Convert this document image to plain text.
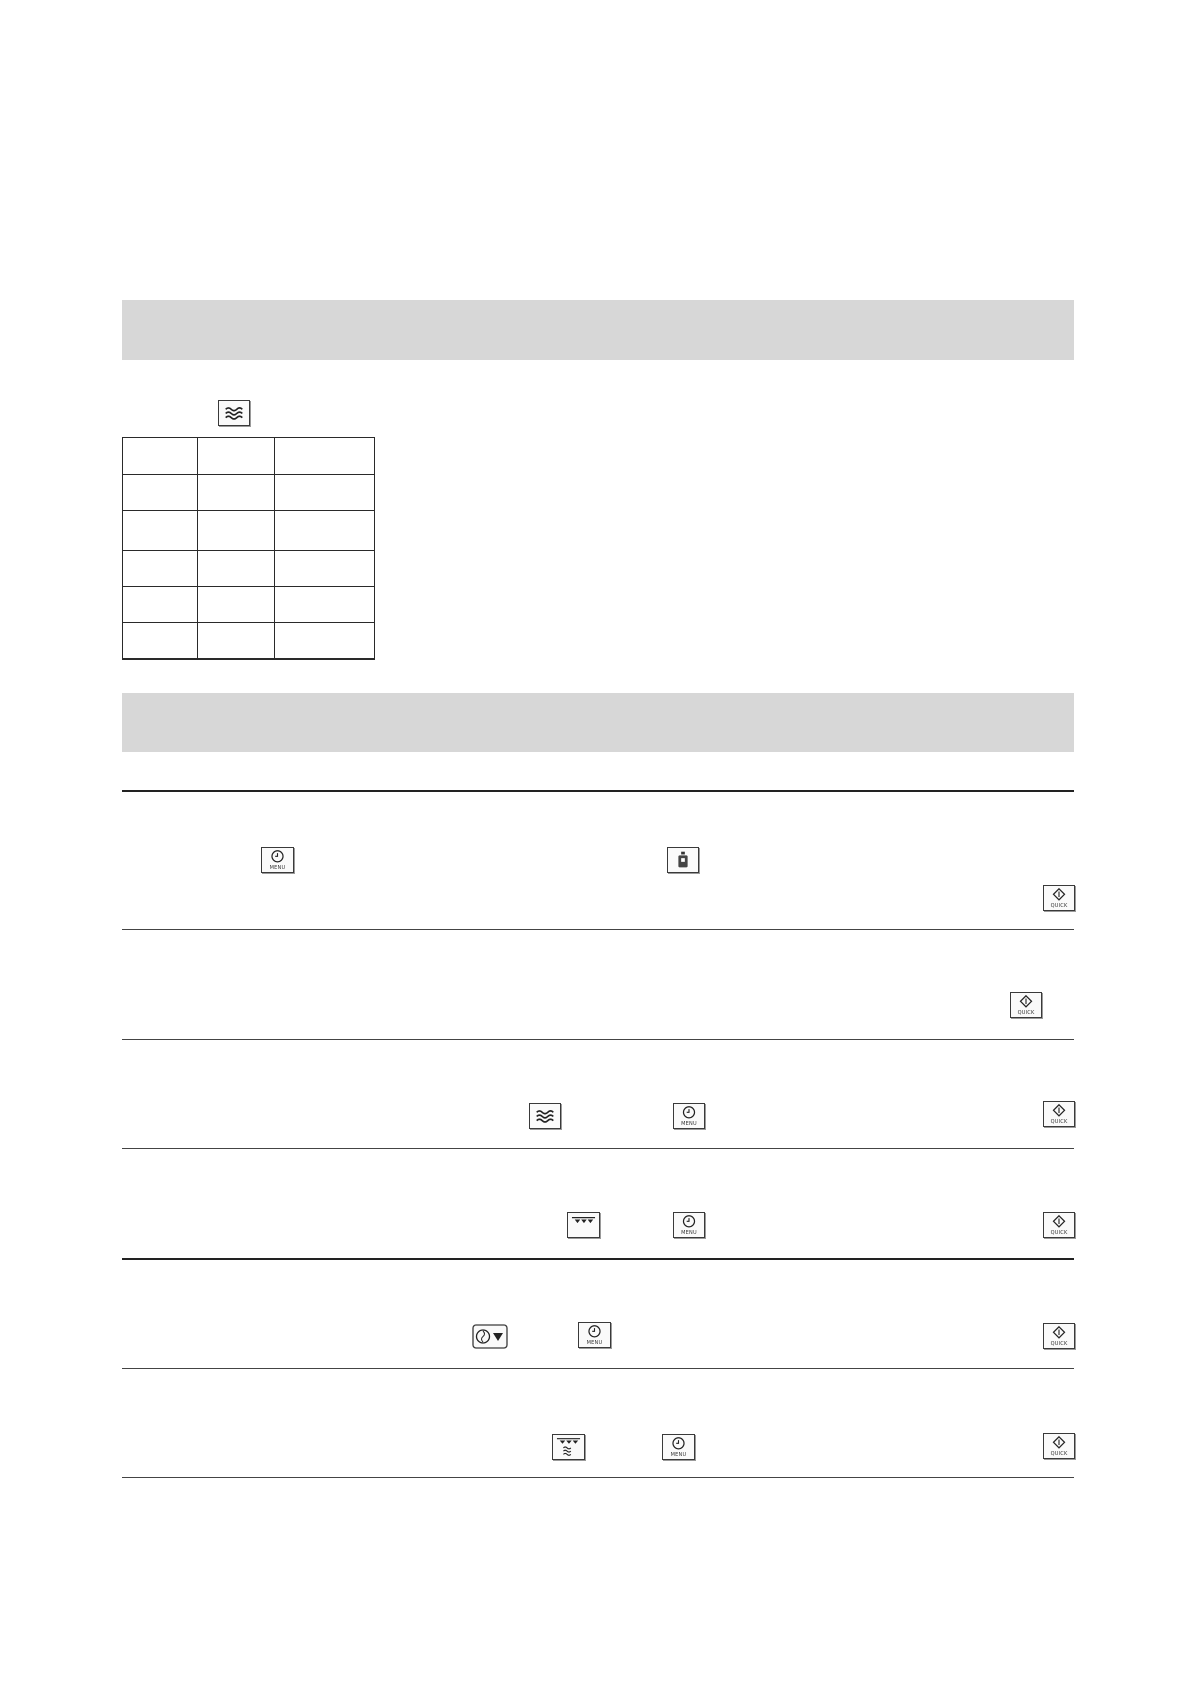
MENU
QUICK
QUICK
MENU	QUICK
MENU	QUICK
MENU	QUICK
MENU	QUICK
